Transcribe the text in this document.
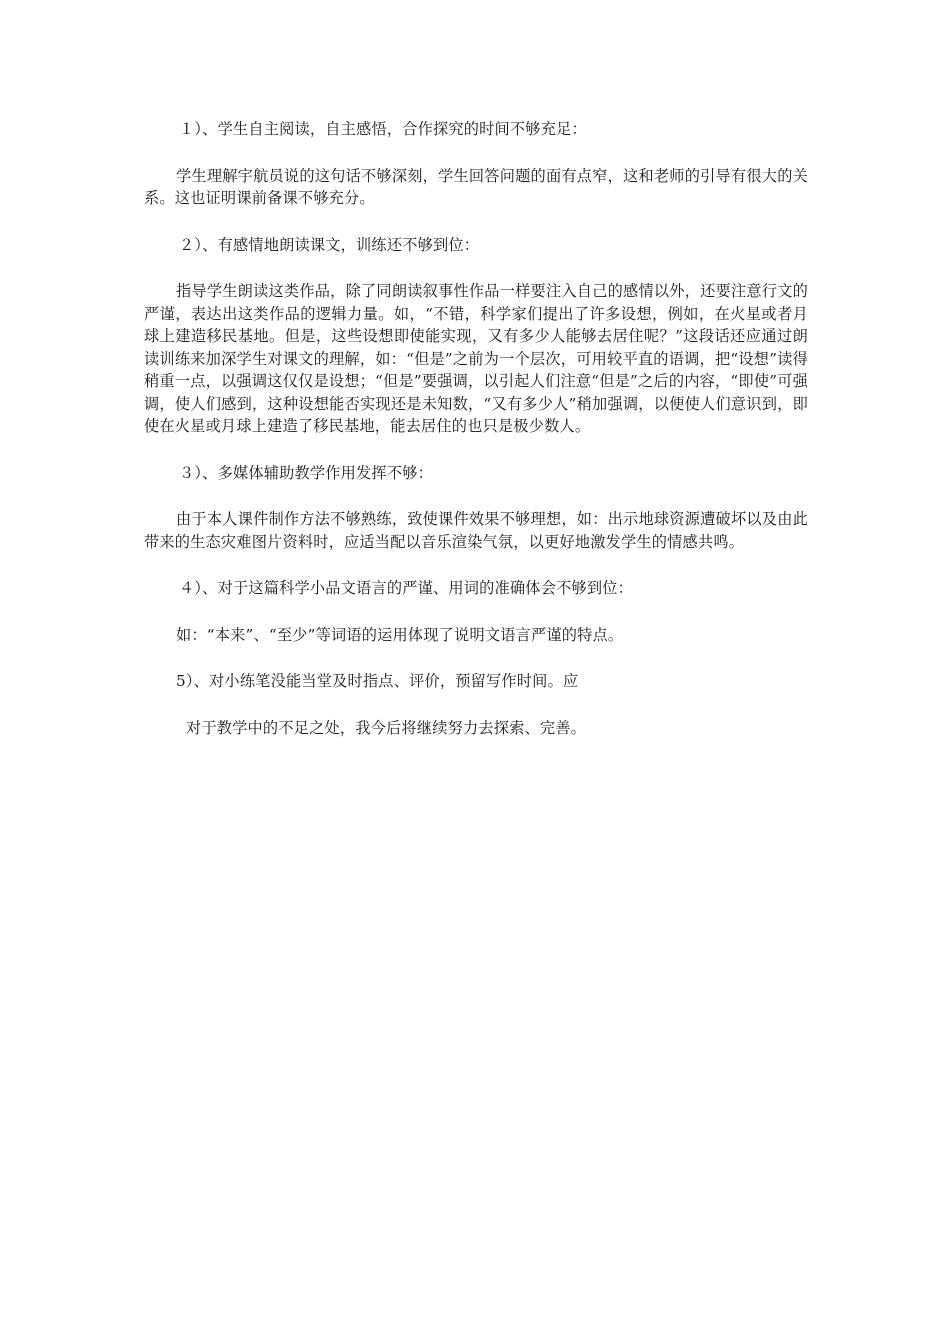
１）、学生自主阅读，自主感悟，合作探究的时间不够充足：

学生理解宇航员说的这句话不够深刻，学生回答问题的面有点窄，这和老师的引导有很大的关系。这也证明课前备课不够充分。

２）、有感情地朗读课文，训练还不够到位：

指导学生朗读这类作品，除了同朗读叙事性作品一样要注入自己的感情以外，还要注意行文的严谨，表达出这类作品的逻辑力量。如，“不错，科学家们提出了许多设想，例如，在火星或者月球上建造移民基地。但是，这些设想即使能实现，又有多少人能够去居住呢？”这段话还应通过朗读训练来加深学生对课文的理解，如：“但是”之前为一个层次，可用较平直的语调，把“设想”读得稍重一点，以强调这仅仅是设想；“但是”要强调，以引起人们注意“但是”之后的内容，“即使”可强调，使人们感到，这种设想能否实现还是未知数，“又有多少人”稍加强调，以便使人们意识到，即使在火星或月球上建造了移民基地，能去居住的也只是极少数人。

３）、多媒体辅助教学作用发挥不够：

由于本人课件制作方法不够熟练，致使课件效果不够理想，如：出示地球资源遭破坏以及由此带来的生态灾难图片资料时，应适当配以音乐渲染气氛，以更好地激发学生的情感共鸣。

４）、对于这篇科学小品文语言的严谨、用词的准确体会不够到位：

如：“本来”、“至少”等词语的运用体现了说明文语言严谨的特点。

5）、对小练笔没能当堂及时指点、评价，预留写作时间。应

对于教学中的不足之处，我今后将继续努力去探索、完善。
